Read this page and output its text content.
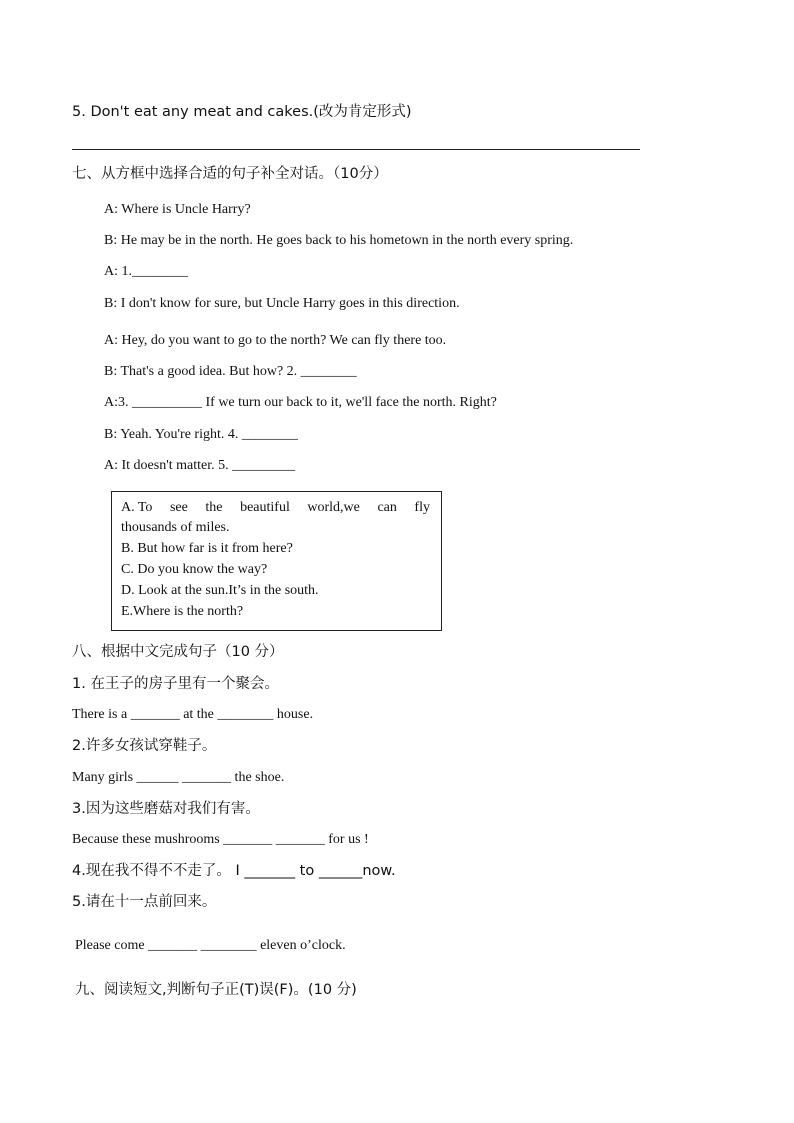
5. Don't eat any meat and cakes.(改为肯定形式)
七、从方框中选择合适的句子补全对话。（10分）
A: Where is Uncle Harry?
B: He may be in the north. He goes back to his hometown in the north every spring.
A: 1.________
B: I don't know for sure, but Uncle Harry goes in this direction.
A: Hey, do you want to go to the north? We can fly there too.
B: That's a good idea. But how? 2. ________
A:3. __________ If we turn our back to it, we'll face the north. Right?
B: Yeah. You're right. 4. ________
A: It doesn't matter. 5. _________
A. To see the beautiful world,we can fly
thousands of miles.
B. But how far is it from here?
C. Do you know the way?
D. Look at the sun.It’s in the south.
E.Where is the north?
八、根据中文完成句子（10 分）
1. 在王子的房子里有一个聚会。
There is a _______ at the ________ house.
2.许多女孩试穿鞋子。
Many girls ______ _______ the shoe.
3.因为这些磨菇对我们有害。
Because these mushrooms _______ _______ for us !
4.现在我不得不不走了。 I _______ to ______now.
5.请在十一点前回来。
Please come _______ ________ eleven o’clock.
九、阅读短文,判断句子正(T)误(F)。(10 分)
